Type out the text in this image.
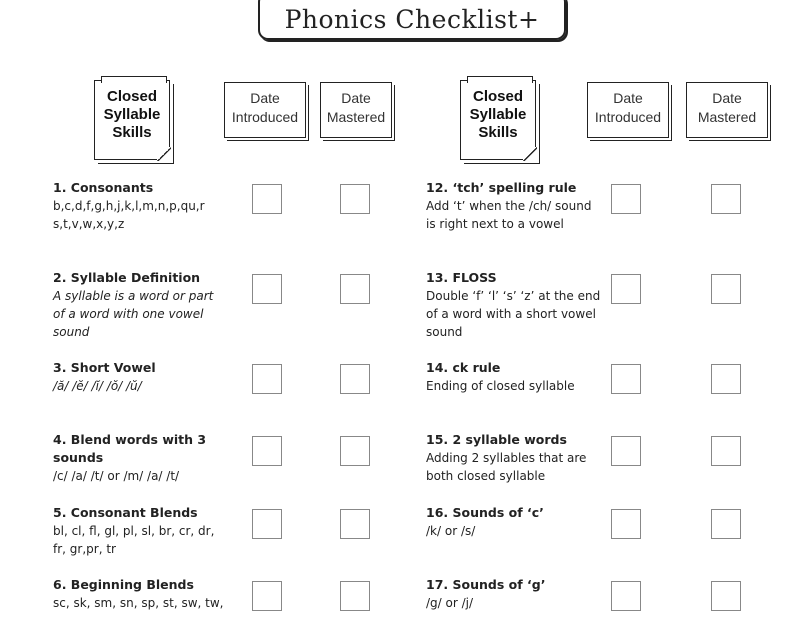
Phonics Checklist+
Closed
Syllable
Skills
Date
Introduced
Date
Mastered
Closed
Syllable
Skills
Date
Introduced
Date
Mastered
1. Consonants
b,c,d,f,g,h,j,k,l,m,n,p,qu,r s,t,v,w,x,y,z
2. Syllable Definition
A syllable is a word or part of a word with one vowel sound
3. Short Vowel
/ă/ /ĕ/ /ĭ/ /ŏ/ /ŭ/
4. Blend words with 3 sounds
/c/ /a/ /t/ or /m/ /a/ /t/
5. Consonant Blends
bl, cl, fl, gl, pl, sl, br, cr, dr, fr, gr,pr, tr
6. Beginning Blends
sc, sk, sm, sn, sp, st, sw, tw,
12. ‘tch’ spelling rule
Add ‘t’ when the /ch/ sound is right next to a vowel
13. FLOSS
Double ‘f’ ‘l’ ‘s’ ‘z’ at the end of a word with a short vowel sound
14. ck rule
Ending of closed syllable
15. 2 syllable words
Adding 2 syllables that are both closed syllable
16. Sounds of ‘c’
/k/ or /s/
17. Sounds of ‘g’
/g/ or /j/
